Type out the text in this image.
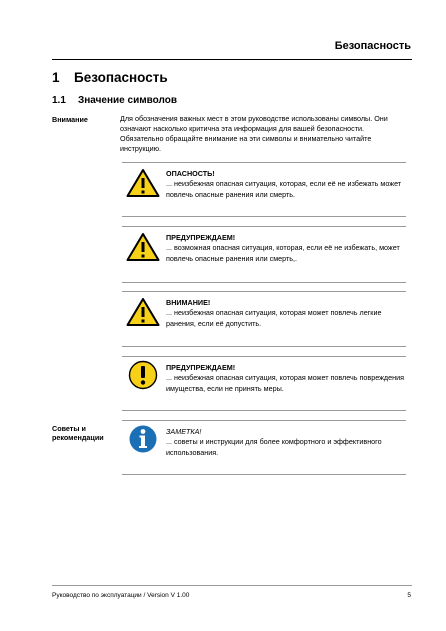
Безопасность
1 Безопасность
1.1 Значение символов
Внимание	Для обозначения важных мест в этом руководстве использованы символы. Они означают насколько критична эта информация для вашей безопасности.
Обязательно обращайте внимание на эти символы и внимательно читайте инструкцию.
ОПАСНОСТЬ!
... неизбежная опасная ситуация, которая, если её не избежать может повлечь опасные ранения или смерть.
ПРЕДУПРЕЖДАЕМ!
... возможная опасная ситуация, которая, если её не избежать, может повлечь опасные ранения или смерть,.
ВНИМАНИЕ!
... неизбежная опасная ситуация, которая может повлечь легкие ранения, если её допустить.
ПРЕДУПРЕЖДАЕМ!
... неизбежная опасная ситуация, которая может повлечь повреждения имущества, если не принять меры.
Советы и рекомендации
ЗАМЕТКА!
... советы и инструкции для более комфортного и эффективного использования.
Руководство по эксплуатации / Version V 1.00	5
